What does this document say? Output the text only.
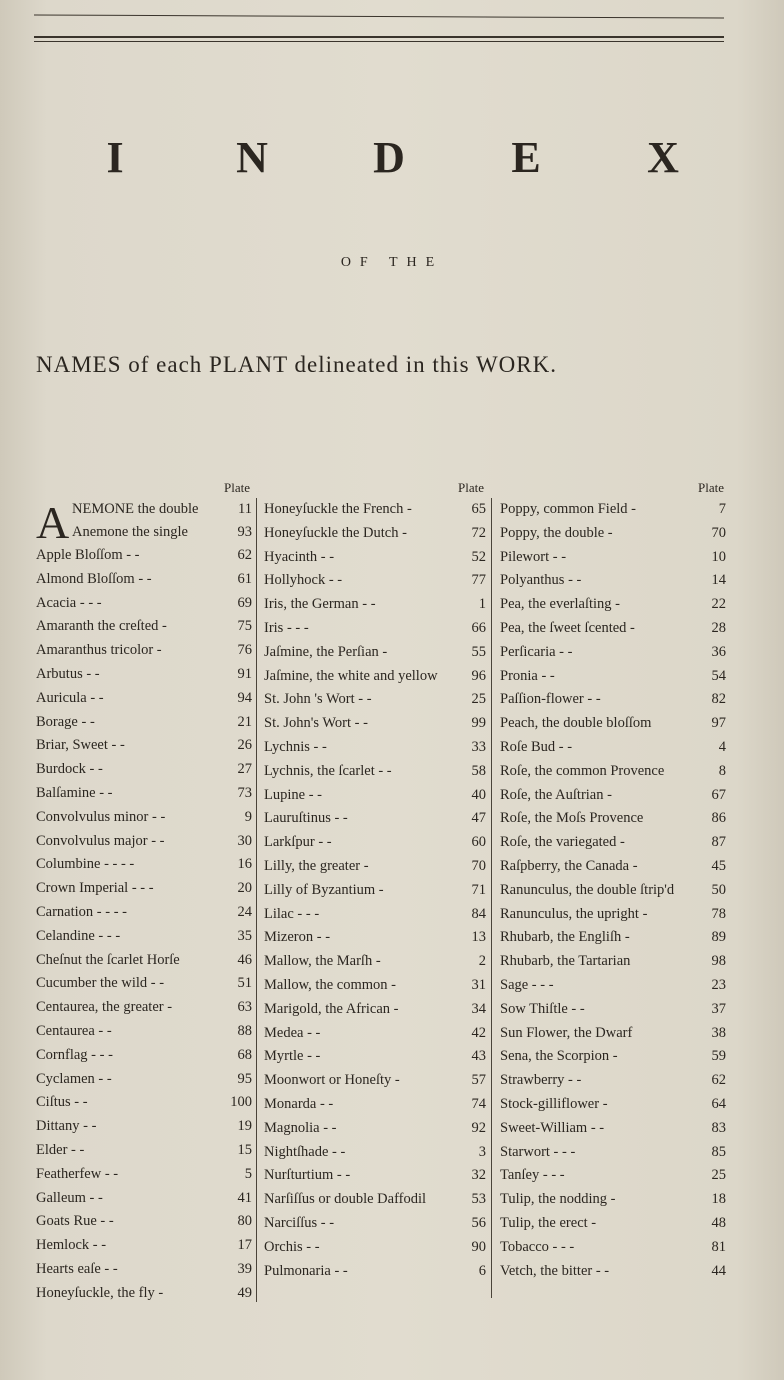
I N D E X
OF THE
NAMES of each PLANT delineated in this WORK.
Plate
A NEMONE the double	11
Anemone the single	93
Apple Bloſſom - -	62
Almond Bloſſom - -	61
Acacia - - -	69
Amaranth the creſted -	75
Amaranthus tricolor -	76
Arbutus - -	91
Auricula - -	94
Borage - -	21
Briar, Sweet - -	26
Burdock - -	27
Balſamine - -	73
Convolvulus minor - -	9
Convolvulus major - -	30
Columbine - - - -	16
Crown Imperial - - -	20
Carnation - - - -	24
Celandine - - -	35
Cheſnut the ſcarlet Horſe	46
Cucumber the wild - -	51
Centaurea, the greater -	63
Centaurea - -	88
Cornflag - - -	68
Cyclamen - -	95
Ciſtus - -	100
Dittany - -	19
Elder - -	15
Featherfew - -	5
Galleum - -	41
Goats Rue - -	80
Hemlock - -	17
Hearts eaſe - -	39
Honeyſuckle, the fly -	49
Plate
Honeyſuckle the French -	65
Honeyſuckle the Dutch -	72
Hyacinth - -	52
Hollyhock - -	77
Iris, the German - -	1
Iris - - -	66
Jaſmine, the Perſian -	55
Jaſmine, the white and yellow	96
St. John 's Wort - -	25
St. John's Wort - -	99
Lychnis - -	33
Lychnis, the ſcarlet - -	58
Lupine - -	40
Lauruſtinus - -	47
Larkſpur - -	60
Lilly, the greater -	70
Lilly of Byzantium -	71
Lilac - - -	84
Mizeron - -	13
Mallow, the Marſh -	2
Mallow, the common -	31
Marigold, the African -	34
Medea - -	42
Myrtle - -	43
Moonwort or Honeſty -	57
Monarda - -	74
Magnolia - -	92
Nightſhade - -	3
Nurſturtium - -	32
Narſiſſus or double Daffodil	53
Narciſſus - -	56
Orchis - -	90
Pulmonaria - -	6
Plate
Poppy, common Field -	7
Poppy, the double -	70
Pilewort - -	10
Polyanthus - -	14
Pea, the everlaſting -	22
Pea, the ſweet ſcented -	28
Perſicaria - -	36
Pronia - -	54
Paſſion-flower - -	82
Peach, the double bloſſom	97
Roſe Bud - -	4
Roſe, the common Provence	8
Roſe, the Auſtrian -	67
Roſe, the Moſs Provence	86
Roſe, the variegated -	87
Raſpberry, the Canada -	45
Ranunculus, the double ſtrip'd	50
Ranunculus, the upright -	78
Rhubarb, the Engliſh -	89
Rhubarb, the Tartarian	98
Sage - - -	23
Sow Thiſtle - -	37
Sun Flower, the Dwarf	38
Sena, the Scorpion -	59
Strawberry - -	62
Stock-gilliflower -	64
Sweet-William - -	83
Starwort - - -	85
Tanſey - - -	25
Tulip, the nodding -	18
Tulip, the erect -	48
Tobacco - - -	81
Vetch, the bitter - -	44
